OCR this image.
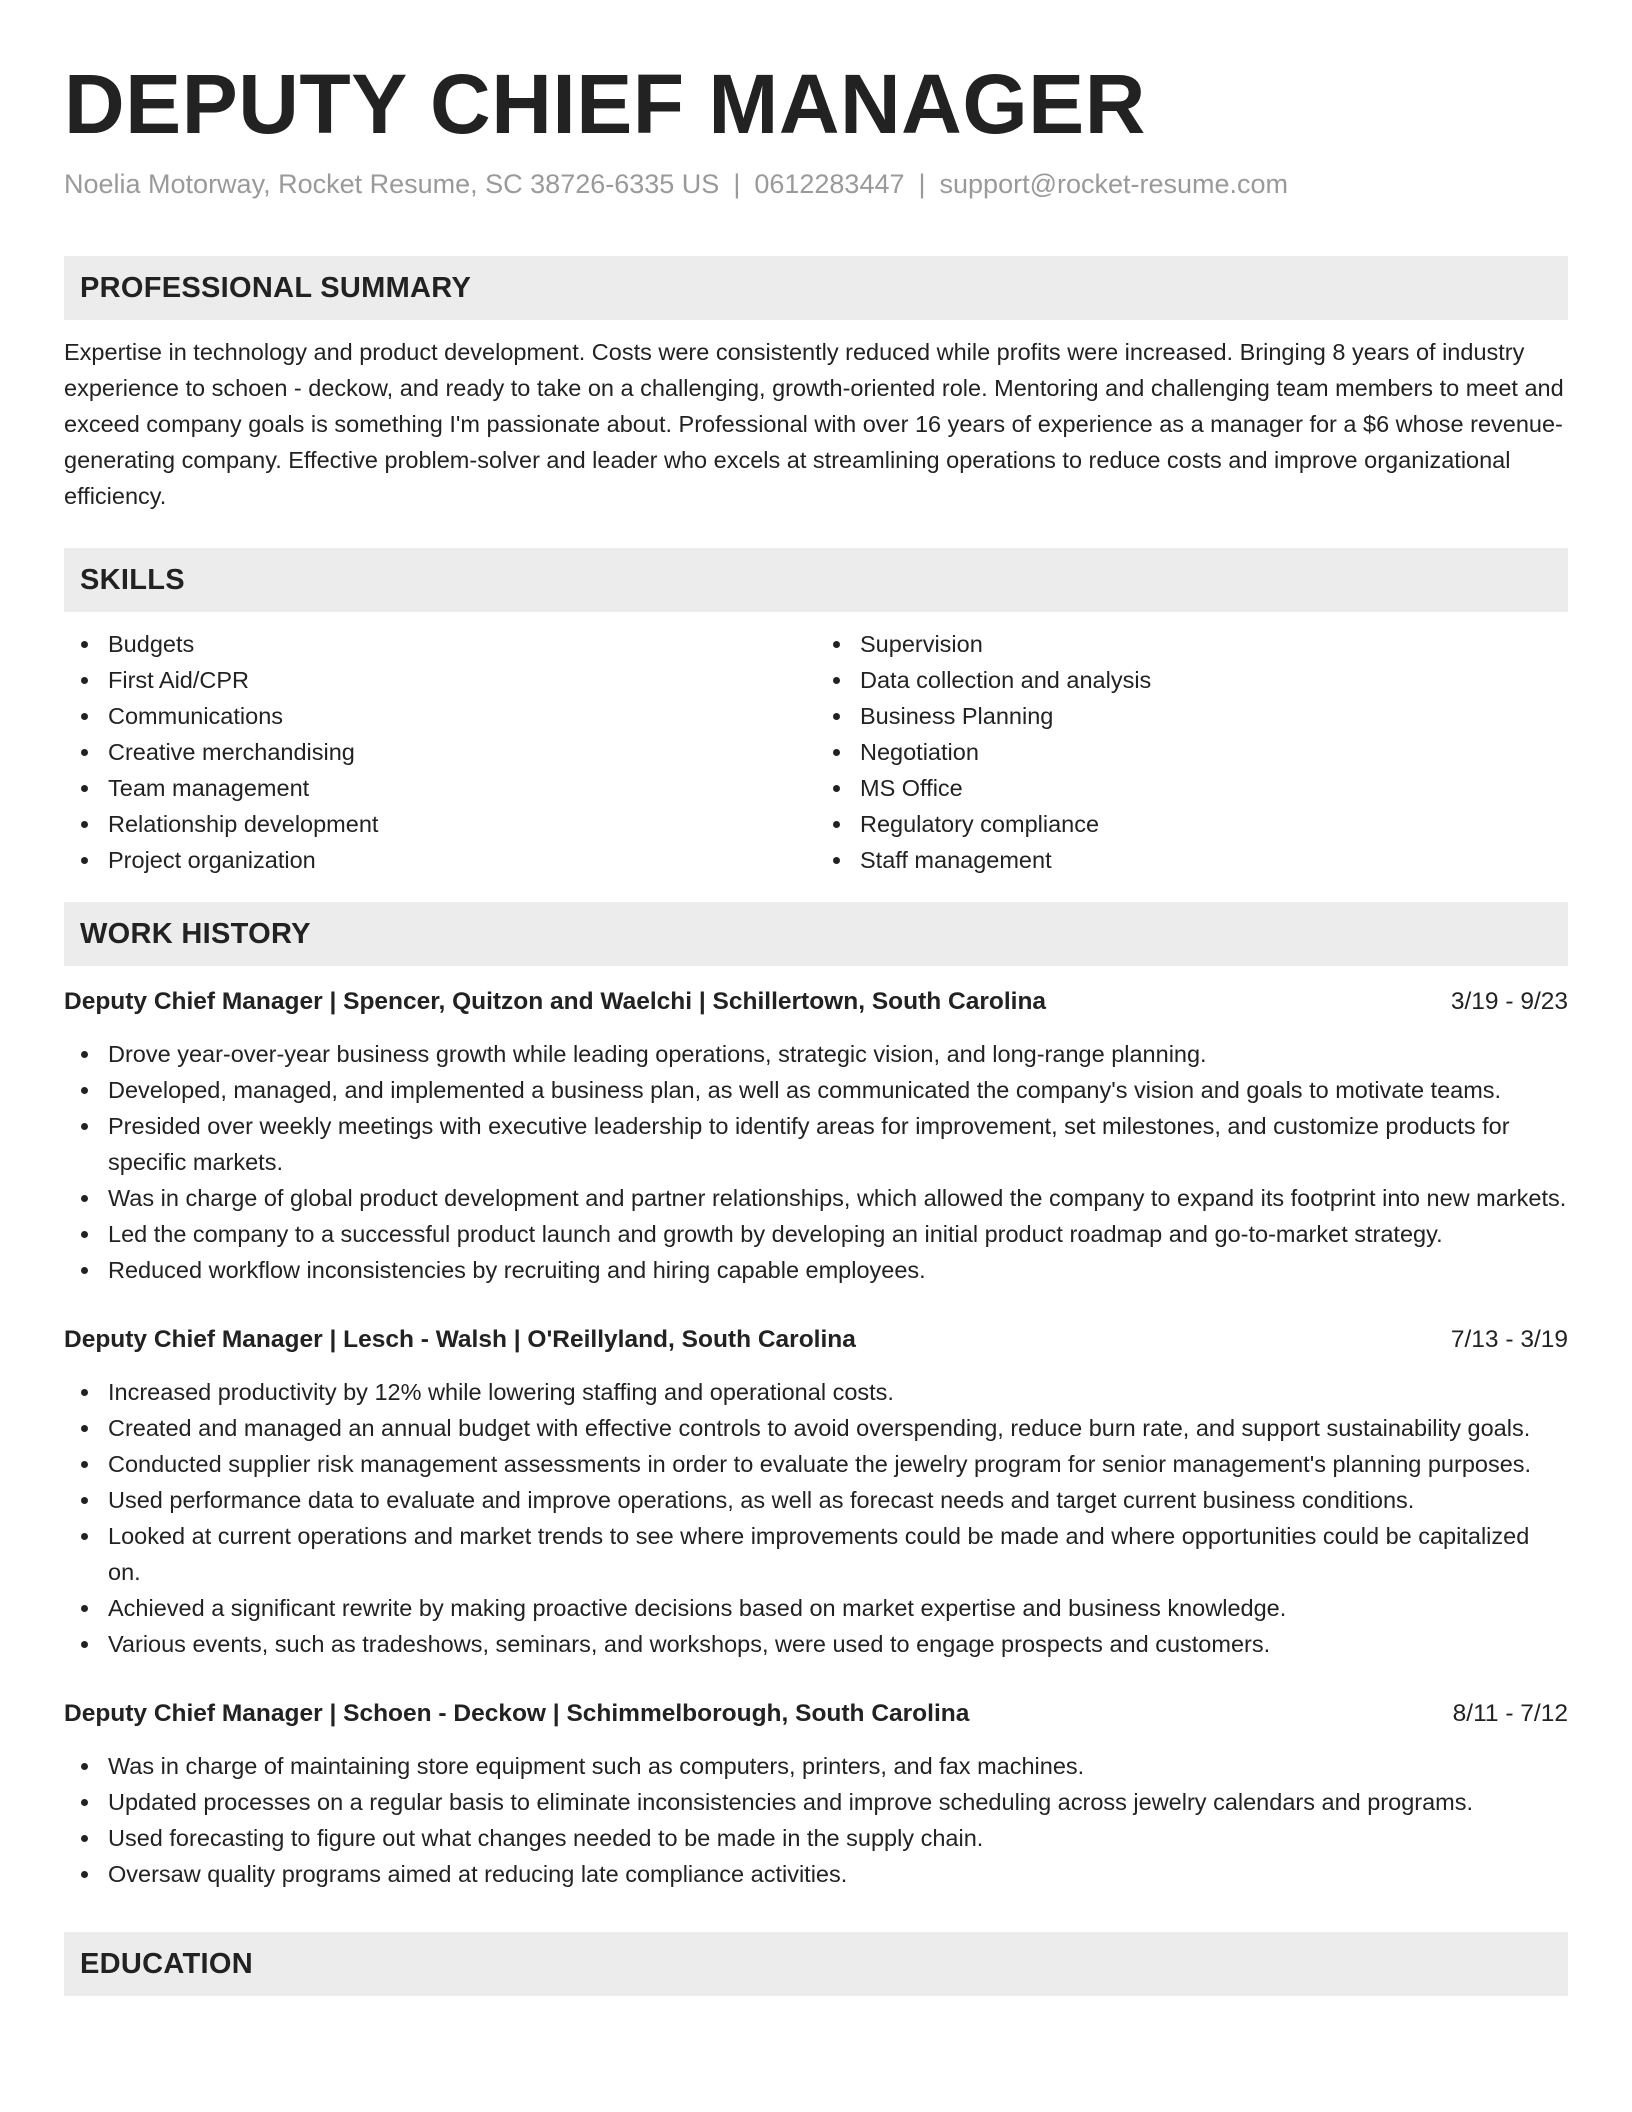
DEPUTY CHIEF MANAGER
Noelia Motorway, Rocket Resume, SC 38726-6335 US | 0612283447 | support@rocket-resume.com
PROFESSIONAL SUMMARY

Expertise in technology and product development. Costs were consistently reduced while profits were increased. Bringing 8 years of industry experience to schoen - deckow, and ready to take on a challenging, growth-oriented role. Mentoring and challenging team members to meet and exceed company goals is something I'm passionate about. Professional with over 16 years of experience as a manager for a $6 whose revenue-generating company. Effective problem-solver and leader who excels at streamlining operations to reduce costs and improve organizational efficiency.

SKILLS
Budgets
First Aid/CPR
Communications
Creative merchandising
Team management
Relationship development
Project organization
Supervision
Data collection and analysis
Business Planning
Negotiation
MS Office
Regulatory compliance
Staff management
WORK HISTORY
Deputy Chief Manager | Spencer, Quitzon and Waelchi | Schillertown, South Carolina	3/19 - 9/23
Drove year-over-year business growth while leading operations, strategic vision, and long-range planning.
Developed, managed, and implemented a business plan, as well as communicated the company's vision and goals to motivate teams.
Presided over weekly meetings with executive leadership to identify areas for improvement, set milestones, and customize products for specific markets.
Was in charge of global product development and partner relationships, which allowed the company to expand its footprint into new markets.
Led the company to a successful product launch and growth by developing an initial product roadmap and go-to-market strategy.
Reduced workflow inconsistencies by recruiting and hiring capable employees.
Deputy Chief Manager | Lesch - Walsh | O'Reillyland, South Carolina	7/13 - 3/19
Increased productivity by 12% while lowering staffing and operational costs.
Created and managed an annual budget with effective controls to avoid overspending, reduce burn rate, and support sustainability goals.
Conducted supplier risk management assessments in order to evaluate the jewelry program for senior management's planning purposes.
Used performance data to evaluate and improve operations, as well as forecast needs and target current business conditions.
Looked at current operations and market trends to see where improvements could be made and where opportunities could be capitalized on.
Achieved a significant rewrite by making proactive decisions based on market expertise and business knowledge.
Various events, such as tradeshows, seminars, and workshops, were used to engage prospects and customers.
Deputy Chief Manager | Schoen - Deckow | Schimmelborough, South Carolina	8/11 - 7/12
Was in charge of maintaining store equipment such as computers, printers, and fax machines.
Updated processes on a regular basis to eliminate inconsistencies and improve scheduling across jewelry calendars and programs.
Used forecasting to figure out what changes needed to be made in the supply chain.
Oversaw quality programs aimed at reducing late compliance activities.
EDUCATION
